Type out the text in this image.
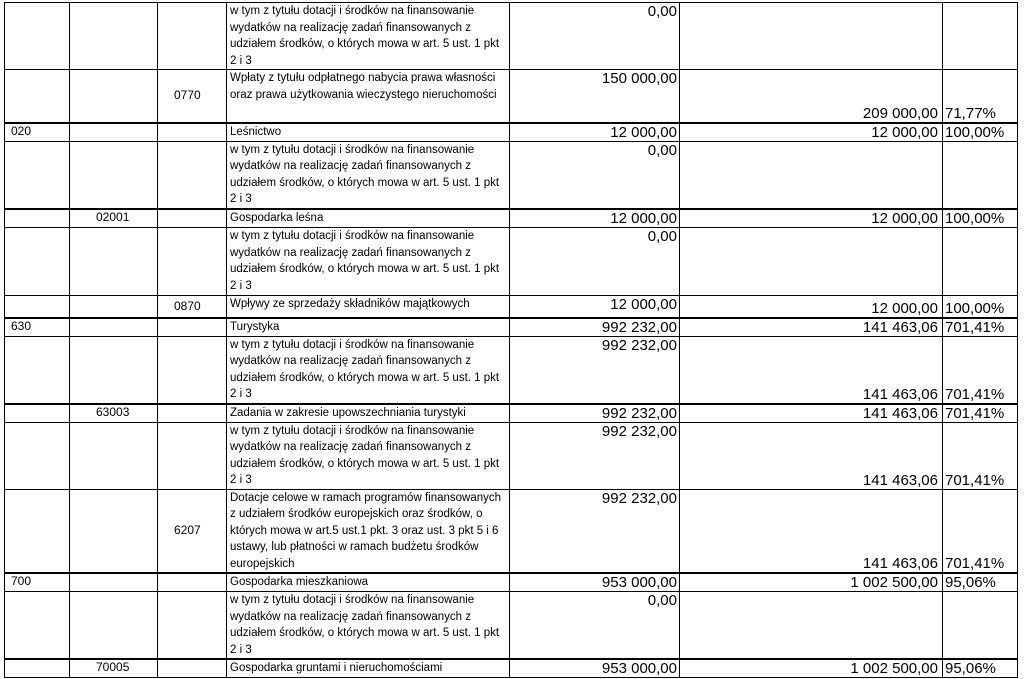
			w tym z tytułu dotacji i środków na finansowanie wydatków na realizację zadań finansowanych z udziałem środków, o których mowa w art. 5 ust. 1 pkt 2 i 3	0,00		
		0770	Wpłaty z tytułu odpłatnego nabycia prawa własności oraz prawa użytkowania wieczystego nieruchomości	150 000,00	209 000,00	71,77%
020			Leśnictwo	12 000,00	12 000,00	100,00%
			w tym z tytułu dotacji i środków na finansowanie wydatków na realizację zadań finansowanych z udziałem środków, o których mowa w art. 5 ust. 1 pkt 2 i 3	0,00		
	02001		Gospodarka leśna	12 000,00	12 000,00	100,00%
			w tym z tytułu dotacji i środków na finansowanie wydatków na realizację zadań finansowanych z udziałem środków, o których mowa w art. 5 ust. 1 pkt 2 i 3	0,00		
		0870	Wpływy ze sprzedaży składników majątkowych	12 000,00	12 000,00	100,00%
630			Turystyka	992 232,00	141 463,06	701,41%
			w tym z tytułu dotacji i środków na finansowanie wydatków na realizację zadań finansowanych z udziałem środków, o których mowa w art. 5 ust. 1 pkt 2 i 3	992 232,00	141 463,06	701,41%
	63003		Zadania w zakresie upowszechniania turystyki	992 232,00	141 463,06	701,41%
			w tym z tytułu dotacji i środków na finansowanie wydatków na realizację zadań finansowanych z udziałem środków, o których mowa w art. 5 ust. 1 pkt 2 i 3	992 232,00	141 463,06	701,41%
		6207	Dotacje celowe w ramach programów finansowanych z udziałem środków europejskich oraz środków, o których mowa w art.5 ust.1 pkt. 3 oraz ust. 3 pkt 5 i 6 ustawy, lub płatności w ramach budżetu środków europejskich	992 232,00	141 463,06	701,41%
700			Gospodarka mieszkaniowa	953 000,00	1 002 500,00	95,06%
			w tym z tytułu dotacji i środków na finansowanie wydatków na realizację zadań finansowanych z udziałem środków, o których mowa w art. 5 ust. 1 pkt 2 i 3	0,00		
	70005		Gospodarka gruntami i nieruchomościami	953 000,00	1 002 500,00	95,06%
